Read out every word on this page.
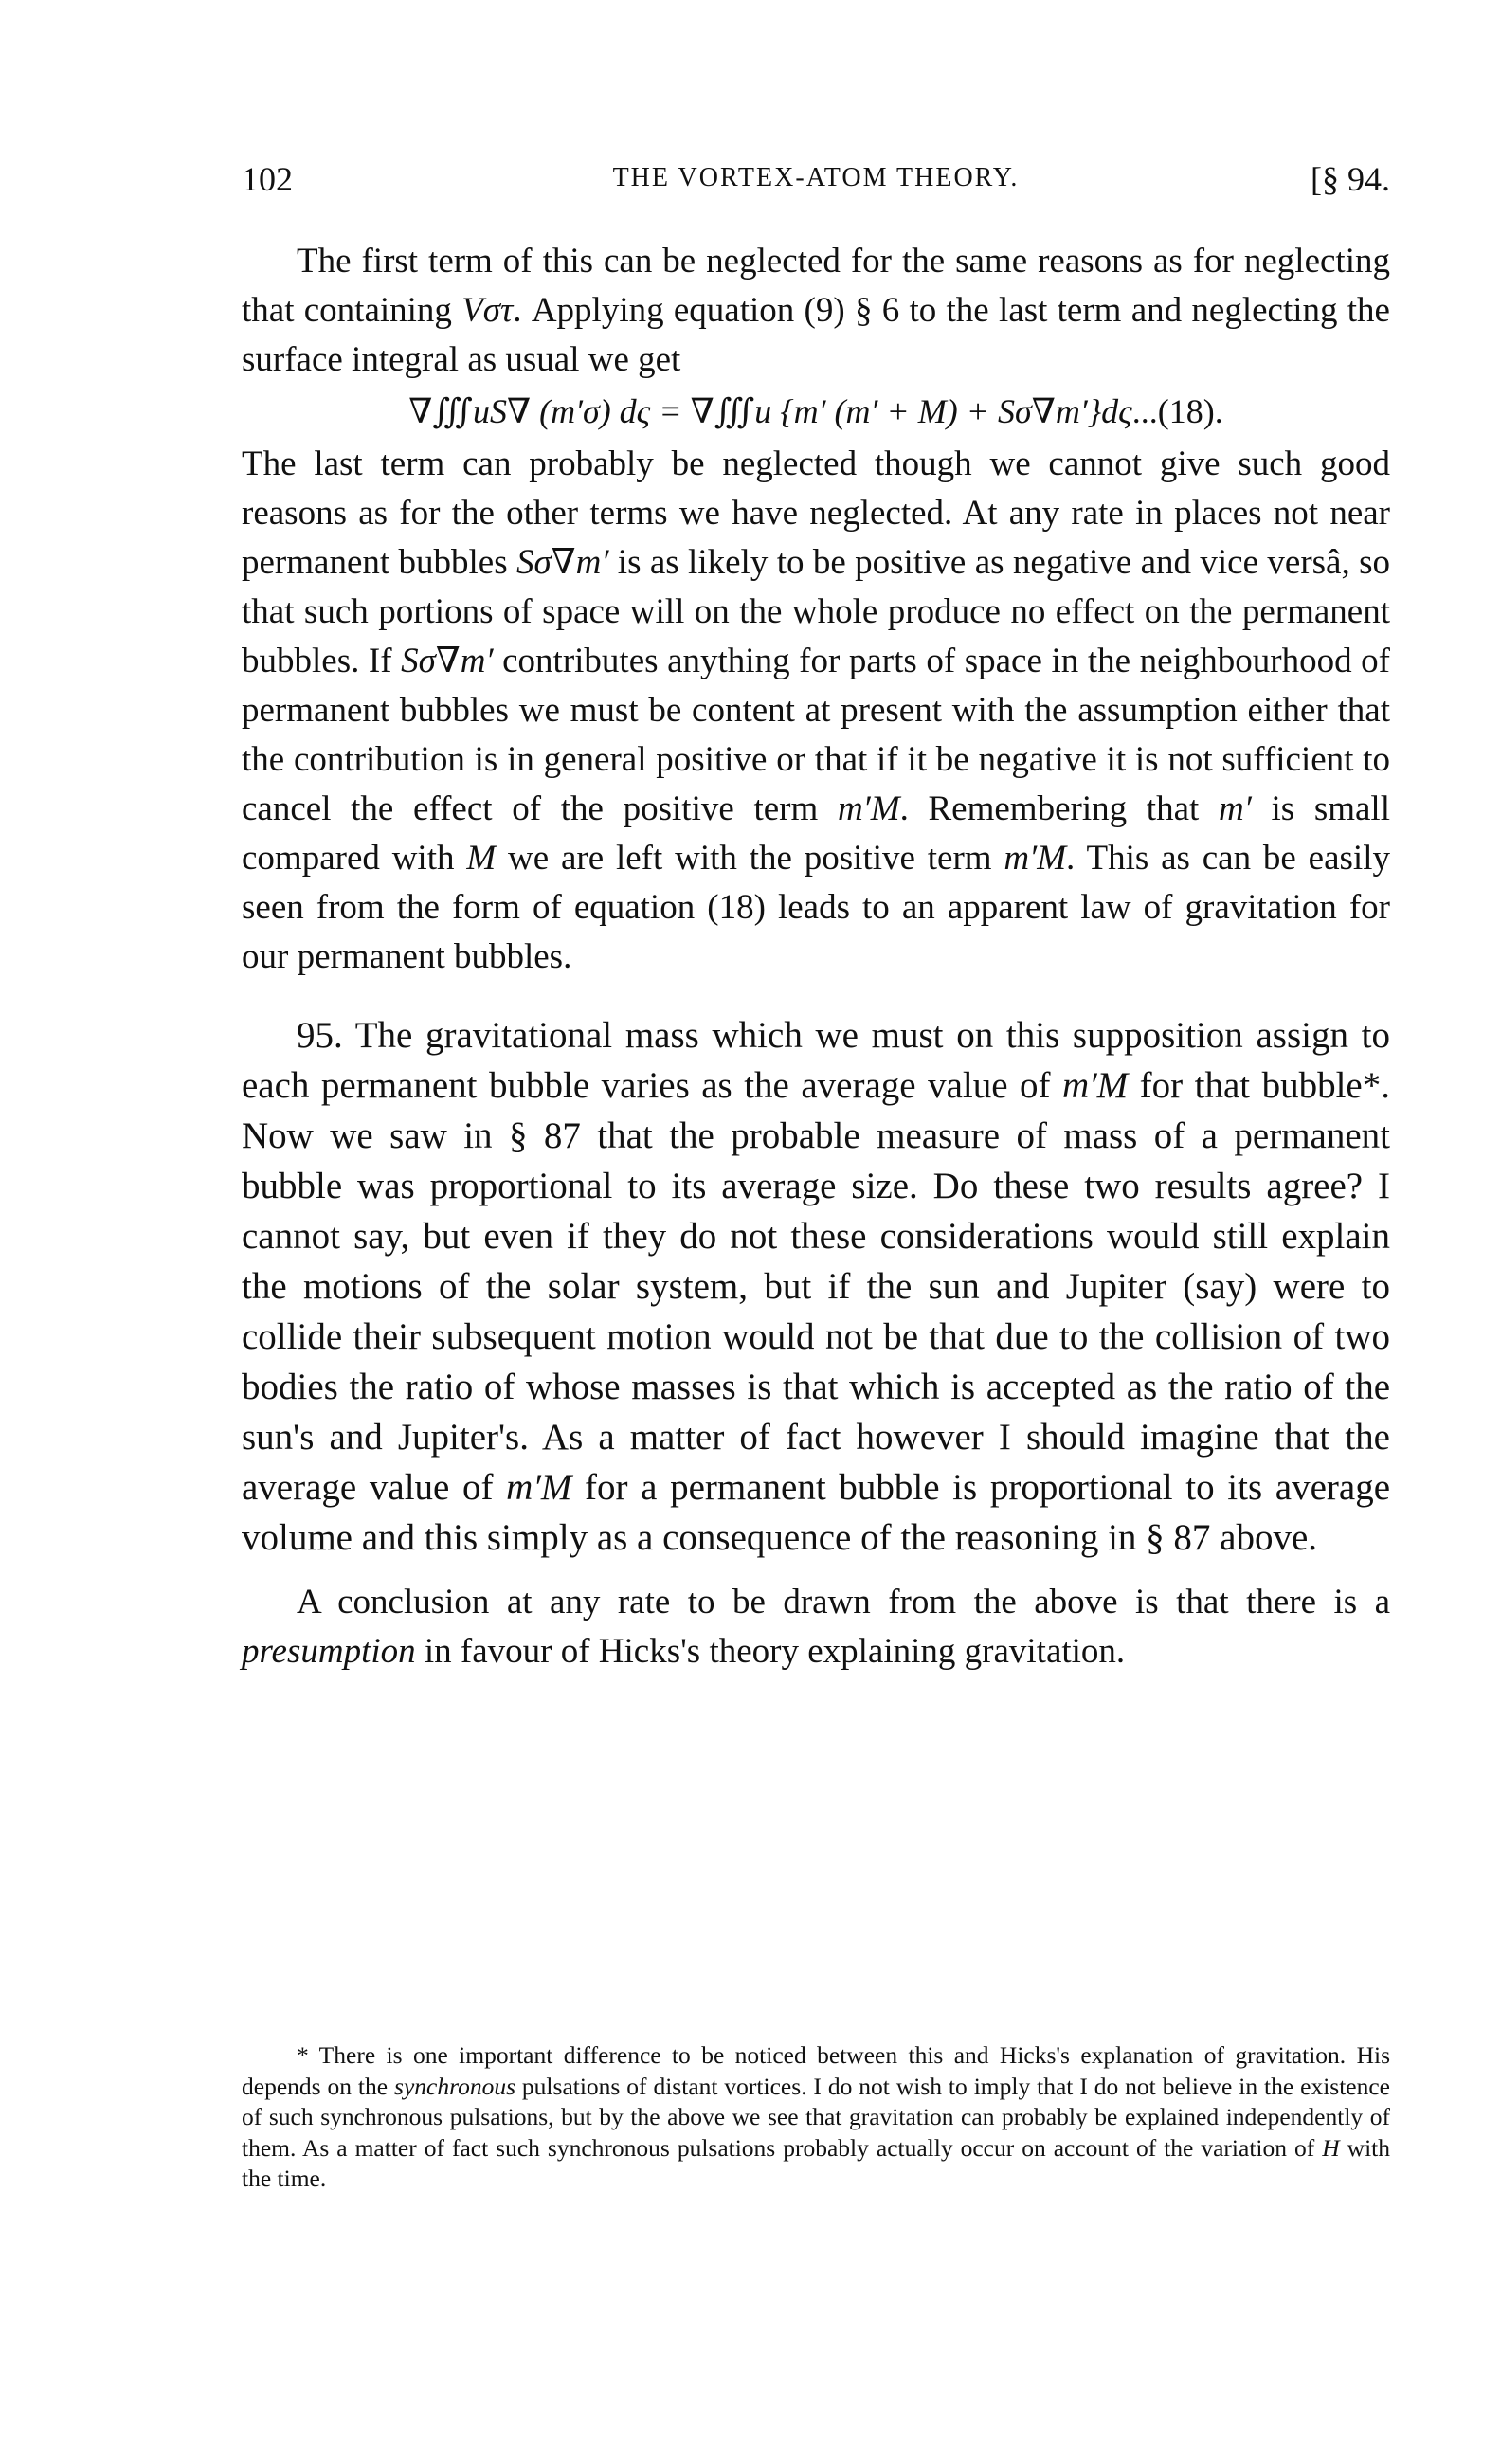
102	THE VORTEX-ATOM THEORY.	[§ 94.

The first term of this can be neglected for the same reasons as for neglecting that containing Vστ. Applying equation (9) § 6 to the last term and neglecting the surface integral as usual we get

∇∭uS∇ (m′σ) dς = ∇∭u {m′ (m′ + M) + Sσ∇m′}dς...(18).

The last term can probably be neglected though we cannot give such good reasons as for the other terms we have neglected. At any rate in places not near permanent bubbles Sσ∇m′ is as likely to be positive as negative and vice versâ, so that such portions of space will on the whole produce no effect on the permanent bubbles. If Sσ∇m′ contributes anything for parts of space in the neighbourhood of permanent bubbles we must be content at present with the assumption either that the contribution is in general positive or that if it be negative it is not sufficient to cancel the effect of the positive term m′M. Remembering that m′ is small compared with M we are left with the positive term m′M. This as can be easily seen from the form of equation (18) leads to an apparent law of gravitation for our permanent bubbles.

95. The gravitational mass which we must on this supposition assign to each permanent bubble varies as the average value of m′M for that bubble*. Now we saw in § 87 that the probable measure of mass of a permanent bubble was proportional to its average size. Do these two results agree? I cannot say, but even if they do not these considerations would still explain the motions of the solar system, but if the sun and Jupiter (say) were to collide their subsequent motion would not be that due to the collision of two bodies the ratio of whose masses is that which is accepted as the ratio of the sun's and Jupiter's. As a matter of fact however I should imagine that the average value of m′M for a permanent bubble is proportional to its average volume and this simply as a consequence of the reasoning in § 87 above.

A conclusion at any rate to be drawn from the above is that there is a presumption in favour of Hicks's theory explaining gravitation.

* There is one important difference to be noticed between this and Hicks's explanation of gravitation. His depends on the synchronous pulsations of distant vortices. I do not wish to imply that I do not believe in the existence of such synchronous pulsations, but by the above we see that gravitation can probably be explained independently of them. As a matter of fact such synchronous pulsations probably actually occur on account of the variation of H with the time.
